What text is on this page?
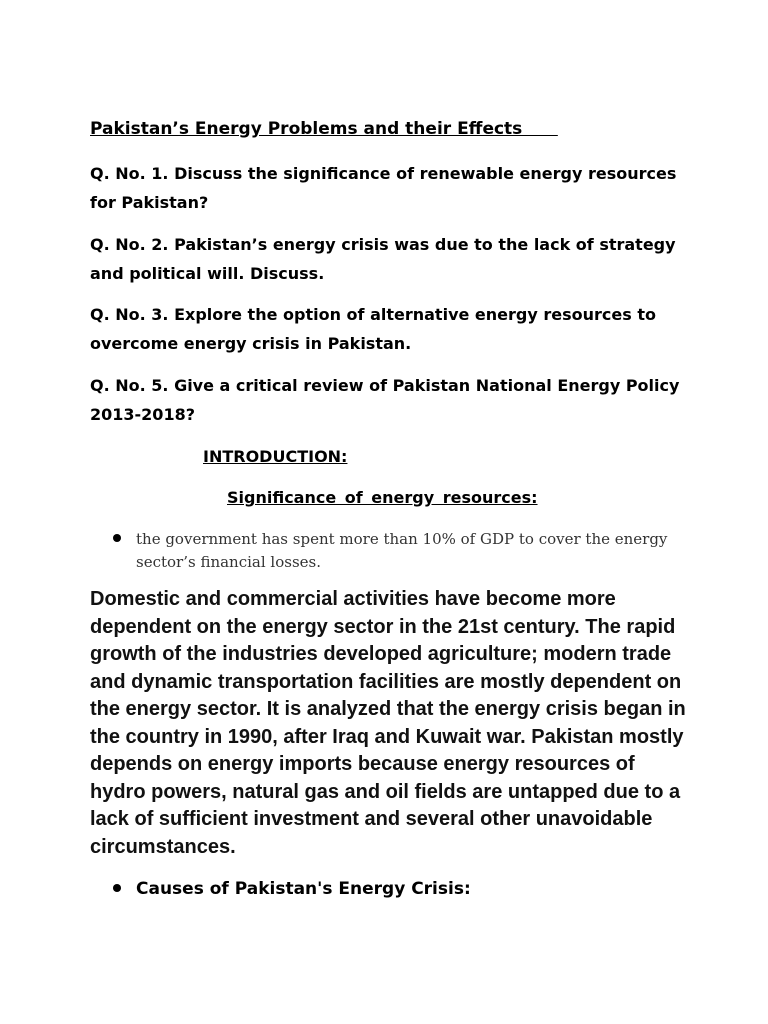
Pakistan’s Energy Problems and their Effects
Q. No. 1. Discuss the significance of renewable energy resources for Pakistan?
Q. No. 2. Pakistan’s energy crisis was due to the lack of strategy and political will. Discuss.
Q. No. 3. Explore the option of alternative energy resources to overcome energy crisis in Pakistan.
Q. No. 5. Give a critical review of Pakistan National Energy Policy 2013-2018?
INTRODUCTION:
Significance of energy resources:
the government has spent more than 10% of GDP to cover the energy sector’s financial losses.
Domestic and commercial activities have become more dependent on the energy sector in the 21st century. The rapid growth of the industries developed agriculture; modern trade and dynamic transportation facilities are mostly dependent on the energy sector. It is analyzed that the energy crisis began in the country in 1990, after Iraq and Kuwait war. Pakistan mostly depends on energy imports because energy resources of hydro powers, natural gas and oil fields are untapped due to a lack of sufficient investment and several other unavoidable circumstances.
Causes of Pakistan's Energy Crisis:
